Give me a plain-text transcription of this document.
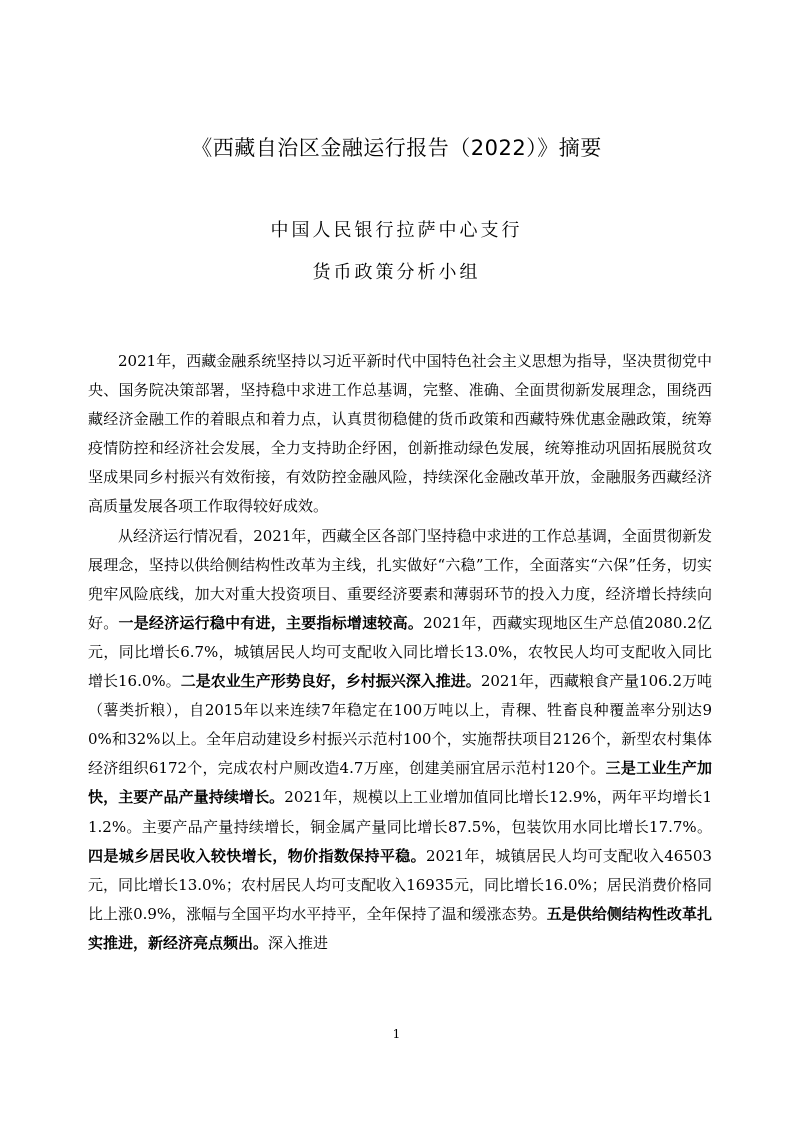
《西藏自治区金融运行报告（2022）》摘要
中国人民银行拉萨中心支行
货币政策分析小组

2021年，西藏金融系统坚持以习近平新时代中国特色社会主义思想为指导，坚决贯彻党中央、国务院决策部署，坚持稳中求进工作总基调，完整、准确、全面贯彻新发展理念，围绕西藏经济金融工作的着眼点和着力点，认真贯彻稳健的货币政策和西藏特殊优惠金融政策，统筹疫情防控和经济社会发展，全力支持助企纾困，创新推动绿色发展，统筹推动巩固拓展脱贫攻坚成果同乡村振兴有效衔接，有效防控金融风险，持续深化金融改革开放，金融服务西藏经济高质量发展各项工作取得较好成效。

从经济运行情况看，2021年，西藏全区各部门坚持稳中求进的工作总基调，全面贯彻新发展理念，坚持以供给侧结构性改革为主线，扎实做好“六稳”工作，全面落实“六保”任务，切实兜牢风险底线，加大对重大投资项目、重要经济要素和薄弱环节的投入力度，经济增长持续向好。一是经济运行稳中有进，主要指标增速较高。2021年，西藏实现地区生产总值2080.2亿元，同比增长6.7%，城镇居民人均可支配收入同比增长13.0%，农牧民人均可支配收入同比增长16.0%。二是农业生产形势良好，乡村振兴深入推进。2021年，西藏粮食产量106.2万吨（薯类折粮），自2015年以来连续7年稳定在100万吨以上，青稞、牲畜良种覆盖率分别达90%和32%以上。全年启动建设乡村振兴示范村100个，实施帮扶项目2126个，新型农村集体经济组织6172个，完成农村户厕改造4.7万座，创建美丽宜居示范村120个。三是工业生产加快，主要产品产量持续增长。2021年，规模以上工业增加值同比增长12.9%，两年平均增长11.2%。主要产品产量持续增长，铜金属产量同比增长87.5%，包装饮用水同比增长17.7%。四是城乡居民收入较快增长，物价指数保持平稳。2021年，城镇居民人均可支配收入46503元，同比增长13.0%；农村居民人均可支配收入16935元，同比增长16.0%；居民消费价格同比上涨0.9%，涨幅与全国平均水平持平，全年保持了温和缓涨态势。五是供给侧结构性改革扎实推进，新经济亮点频出。深入推进

1
